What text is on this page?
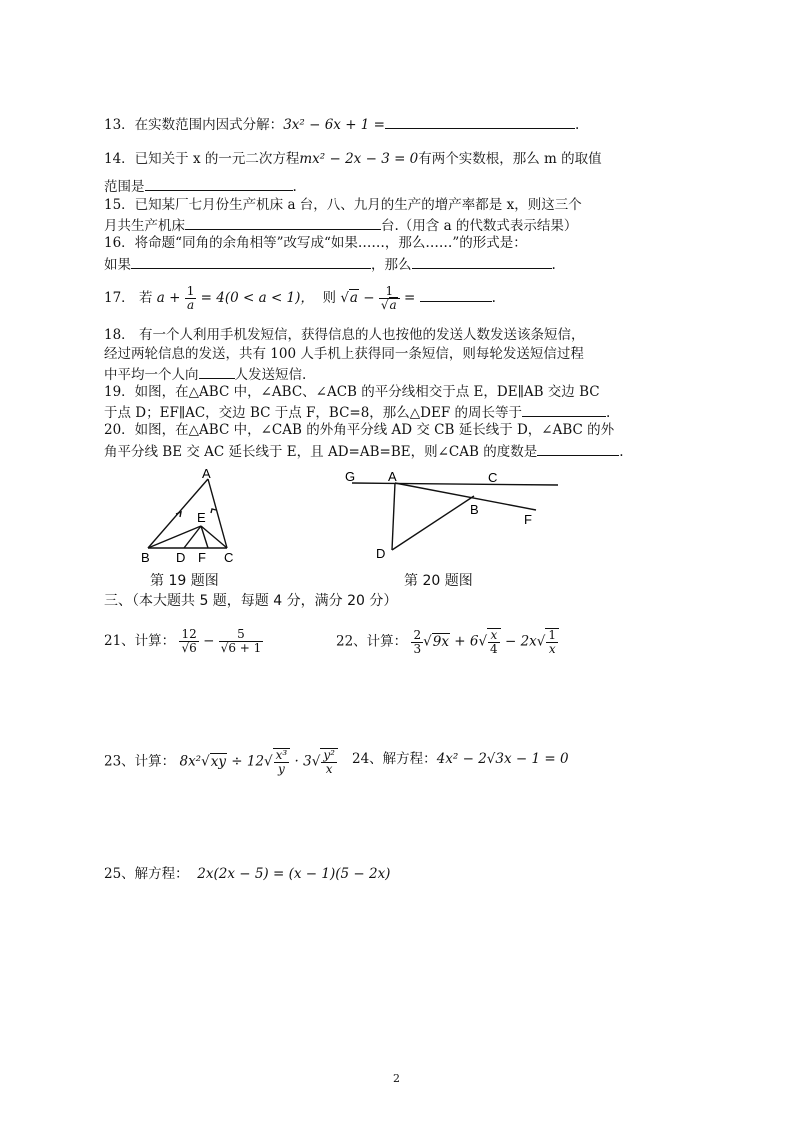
13．在实数范围内因式分解：3x² − 6x + 1 =	.
14．已知关于 x 的一元二次方程mx² − 2x − 3 = 0有两个实数根，那么 m 的取值
范围是	.
15．已知某厂七月份生产机床 a 台，八、九月的生产的增产率都是 x，则这三个
月共生产机床	台.（用含 a 的代数式表示结果）
16．将命题“同角的余角相等”改写成“如果……，那么……”的形式是：
如果	，那么	.
17． 若 $a + \frac{1}{a} = 4(0 < a < 1)$， 则 $√a - \frac{1}{√a}$ =	.
18． 有一个人利用手机发短信，获得信息的人也按他的发送人数发送该条短信，
经过两轮信息的发送，共有 100 人手机上获得同一条短信，则每轮发送短信过程
中平均一个人向	人发送短信.
19．如图，在△ABC 中，∠ABC、∠ACB 的平分线相交于点 E，DE∥AB 交边 BC
于点 D；EF∥AC，交边 BC 于点 F，BC=8，那么△DEF 的周长等于	.
20．如图，在△ABC 中，∠CAB 的外角平分线 AD 交 CB 延长线于 D，∠ABC 的外
角平分线 BE 交 AC 延长线于 E，且 AD=AB=BE，则∠CAB 的度数是	.
A
B D
E
F C
第 19 题图
G	A	C
B
F
D
第 20 题图
三、（本大题共 5 题，每题 4 分，满分 20 分）
21、计算： $\frac{12}{√6} - \frac{5}{√6 + 1}$	22、计算： $\frac{2}{3} √9x + 6√ \frac{x}{4} - 2x√ \frac{1}{x}$
23、计算： $8x^2√xy \div 12√ \frac{\text{x³}}{y} \cdot 3√ \frac{\text{y²}}{x} 24$、解方程：4x² − 2√3x − 1 = 0
25、解方程： 2x(2x − 5) = (x − 1)(5 − 2x)
2
